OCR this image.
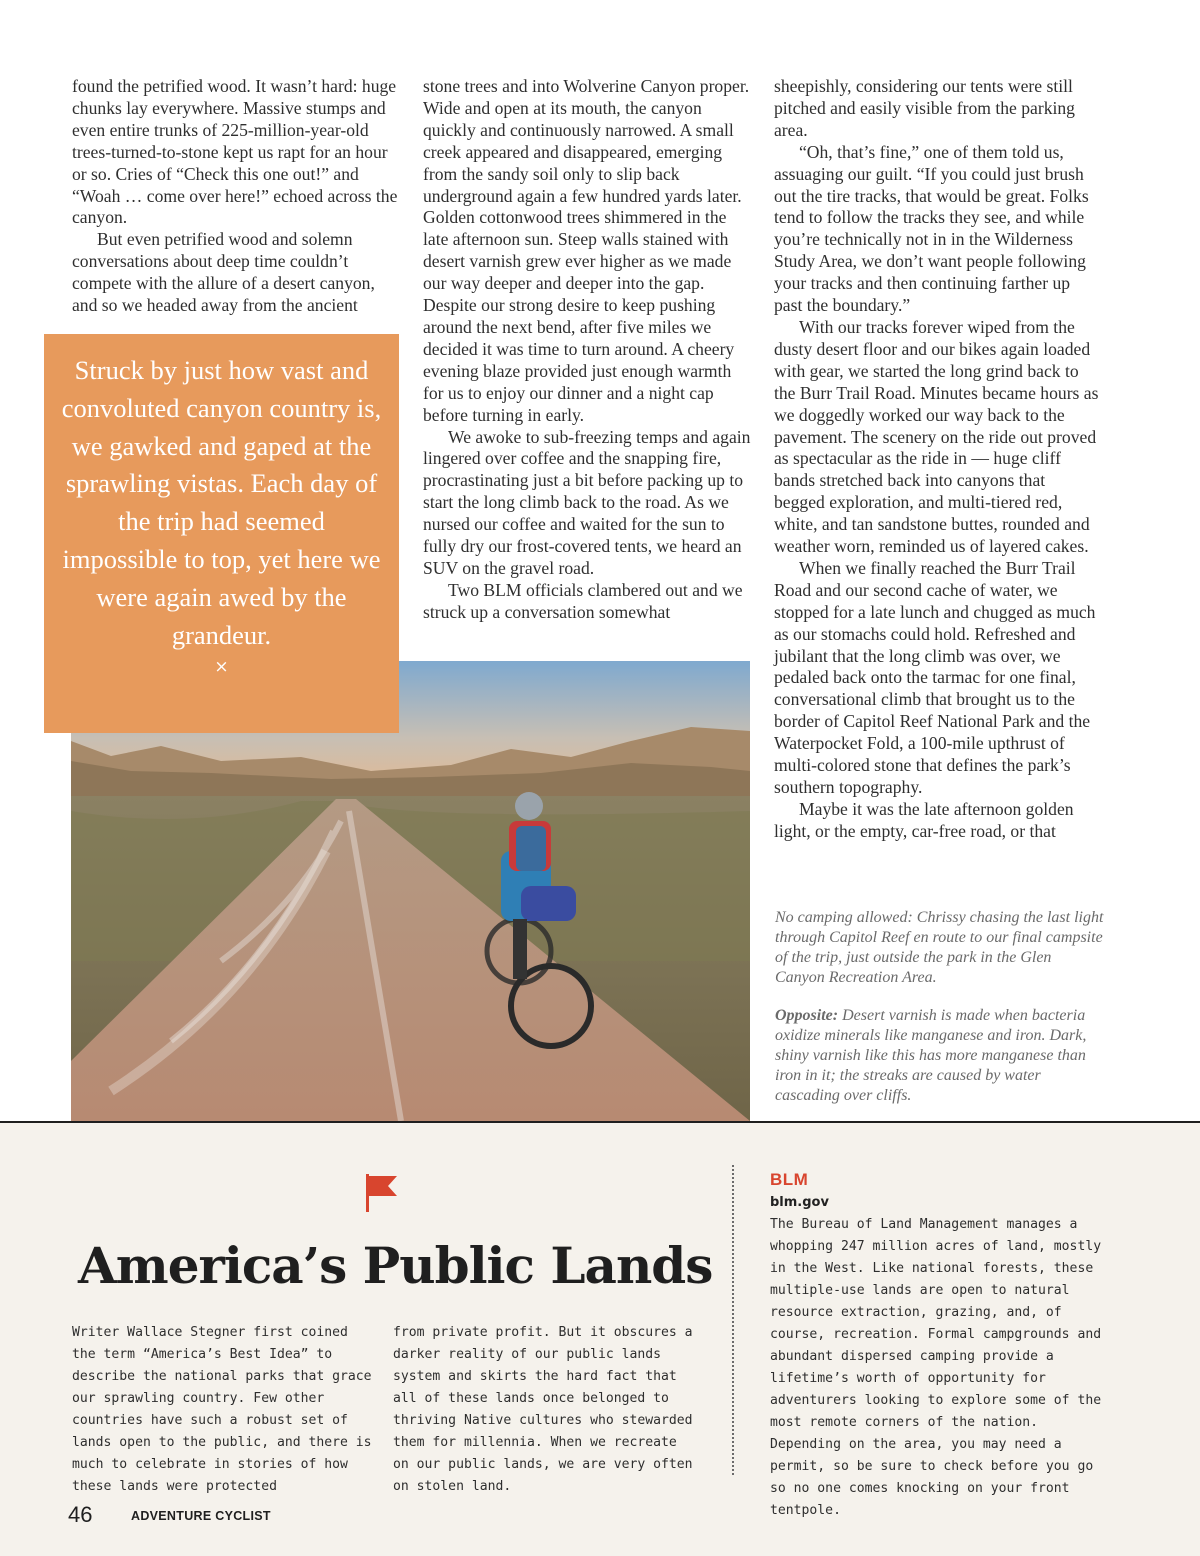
found the petrified wood. It wasn’t hard: huge chunks lay everywhere. Massive stumps and even entire trunks of 225-million-year-old trees-turned-to-stone kept us rapt for an hour or so. Cries of “Check this one out!” and “Woah … come over here!” echoed across the canyon.

But even petrified wood and solemn conversations about deep time couldn’t compete with the allure of a desert canyon, and so we headed away from the ancient

stone trees and into Wolverine Canyon proper. Wide and open at its mouth, the canyon quickly and continuously narrowed. A small creek appeared and disappeared, emerging from the sandy soil only to slip back underground again a few hundred yards later. Golden cottonwood trees shimmered in the late afternoon sun. Steep walls stained with desert varnish grew ever higher as we made our way deeper and deeper into the gap. Despite our strong desire to keep pushing around the next bend, after five miles we decided it was time to turn around. A cheery evening blaze provided just enough warmth for us to enjoy our dinner and a night cap before turning in early.

We awoke to sub-freezing temps and again lingered over coffee and the snapping fire, procrastinating just a bit before packing up to start the long climb back to the road. As we nursed our coffee and waited for the sun to fully dry our frost-covered tents, we heard an SUV on the gravel road.

Two BLM officials clambered out and we struck up a conversation somewhat

sheepishly, considering our tents were still pitched and easily visible from the parking area.

“Oh, that’s fine,” one of them told us, assuaging our guilt. “If you could just brush out the tire tracks, that would be great. Folks tend to follow the tracks they see, and while you’re technically not in in the Wilderness Study Area, we don’t want people following your tracks and then continuing farther up past the boundary.”

With our tracks forever wiped from the dusty desert floor and our bikes again loaded with gear, we started the long grind back to the Burr Trail Road. Minutes became hours as we doggedly worked our way back to the pavement. The scenery on the ride out proved as spectacular as the ride in — huge cliff bands stretched back into canyons that begged exploration, and multi-tiered red, white, and tan sandstone buttes, rounded and weather worn, reminded us of layered cakes.

When we finally reached the Burr Trail Road and our second cache of water, we stopped for a late lunch and chugged as much as our stomachs could hold. Refreshed and jubilant that the long climb was over, we pedaled back onto the tarmac for one final, conversational climb that brought us to the border of Capitol Reef National Park and the Waterpocket Fold, a 100-mile upthrust of multi-colored stone that defines the park’s southern topography.

Maybe it was the late afternoon golden light, or the empty, car-free road, or that

Struck by just how vast and convoluted canyon country is, we gawked and gaped at the sprawling vistas. Each day of the trip had seemed impossible to top, yet here we were again awed by the grandeur.
×

No camping allowed: Chrissy chasing the last light through Capitol Reef en route to our final campsite of the trip, just outside the park in the Glen Canyon Recreation Area.

Opposite: Desert varnish is made when bacteria oxidize minerals like manganese and iron. Dark, shiny varnish like this has more manganese than iron in it; the streaks are caused by water cascading over cliffs.

America’s Public Lands

Writer Wallace Stegner first coined the term “America’s Best Idea” to describe the national parks that grace our sprawling country. Few other countries have such a robust set of lands open to the public, and there is much to celebrate in stories of how these lands were protected

from private profit. But it obscures a darker reality of our public lands system and skirts the hard fact that all of these lands once belonged to thriving Native cultures who stewarded them for millennia. When we recreate on our public lands, we are very often on stolen land.

BLM
blm.gov

The Bureau of Land Management manages a whopping 247 million acres of land, mostly in the West. Like national forests, these multiple-use lands are open to natural resource extraction, grazing, and, of course, recreation. Formal campgrounds and abundant dispersed camping provide a lifetime’s worth of opportunity for adventurers looking to explore some of the most remote corners of the nation. Depending on the area, you may need a permit, so be sure to check before you go so no one comes knocking on your front tentpole.

46	ADVENTURE CYCLIST
